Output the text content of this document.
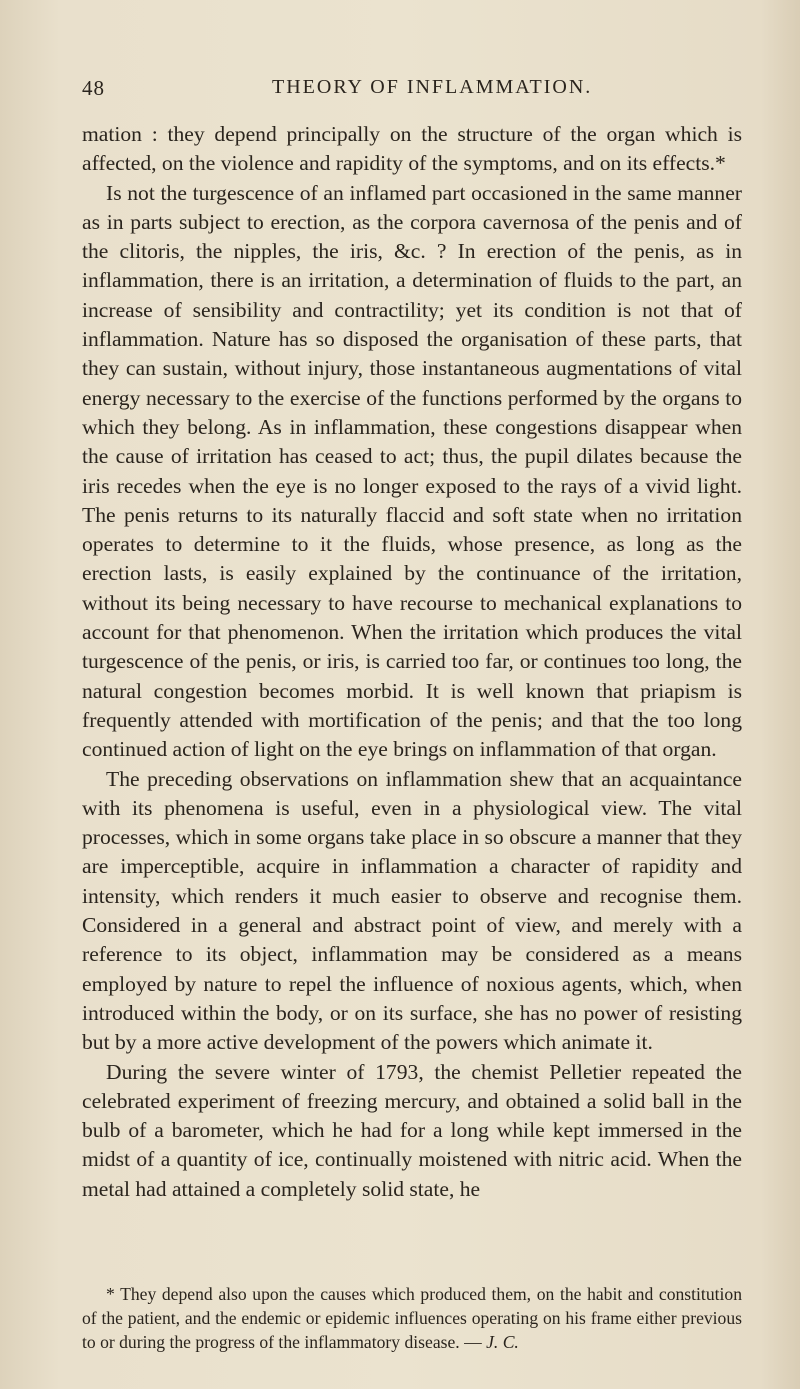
48	THEORY OF INFLAMMATION.

mation : they depend principally on the structure of the organ which is affected, on the violence and rapidity of the symptoms, and on its effects.*

Is not the turgescence of an inflamed part occasioned in the same manner as in parts subject to erection, as the corpora cavernosa of the penis and of the clitoris, the nipples, the iris, &c. ? In erection of the penis, as in inflammation, there is an irritation, a determination of fluids to the part, an increase of sensibility and contractility; yet its condition is not that of inflammation. Nature has so disposed the organisation of these parts, that they can sustain, without injury, those instantaneous augmentations of vital energy necessary to the exercise of the functions performed by the organs to which they belong. As in inflammation, these congestions disappear when the cause of irritation has ceased to act; thus, the pupil dilates because the iris recedes when the eye is no longer exposed to the rays of a vivid light. The penis returns to its naturally flaccid and soft state when no irritation operates to determine to it the fluids, whose presence, as long as the erection lasts, is easily explained by the continuance of the irritation, without its being necessary to have recourse to mechanical explanations to account for that phenomenon. When the irritation which produces the vital turgescence of the penis, or iris, is carried too far, or continues too long, the natural congestion becomes morbid. It is well known that priapism is frequently attended with mortification of the penis; and that the too long continued action of light on the eye brings on inflammation of that organ.

The preceding observations on inflammation shew that an acquaintance with its phenomena is useful, even in a physiological view. The vital processes, which in some organs take place in so obscure a manner that they are imperceptible, acquire in inflammation a character of rapidity and intensity, which renders it much easier to observe and recognise them. Considered in a general and abstract point of view, and merely with a reference to its object, inflammation may be considered as a means employed by nature to repel the influence of noxious agents, which, when introduced within the body, or on its surface, she has no power of resisting but by a more active development of the powers which animate it.

During the severe winter of 1793, the chemist Pelletier repeated the celebrated experiment of freezing mercury, and obtained a solid ball in the bulb of a barometer, which he had for a long while kept immersed in the midst of a quantity of ice, continually moistened with nitric acid. When the metal had attained a completely solid state, he

* They depend also upon the causes which produced them, on the habit and constitution of the patient, and the endemic or epidemic influences operating on his frame either previous to or during the progress of the inflammatory disease. — J. C.
